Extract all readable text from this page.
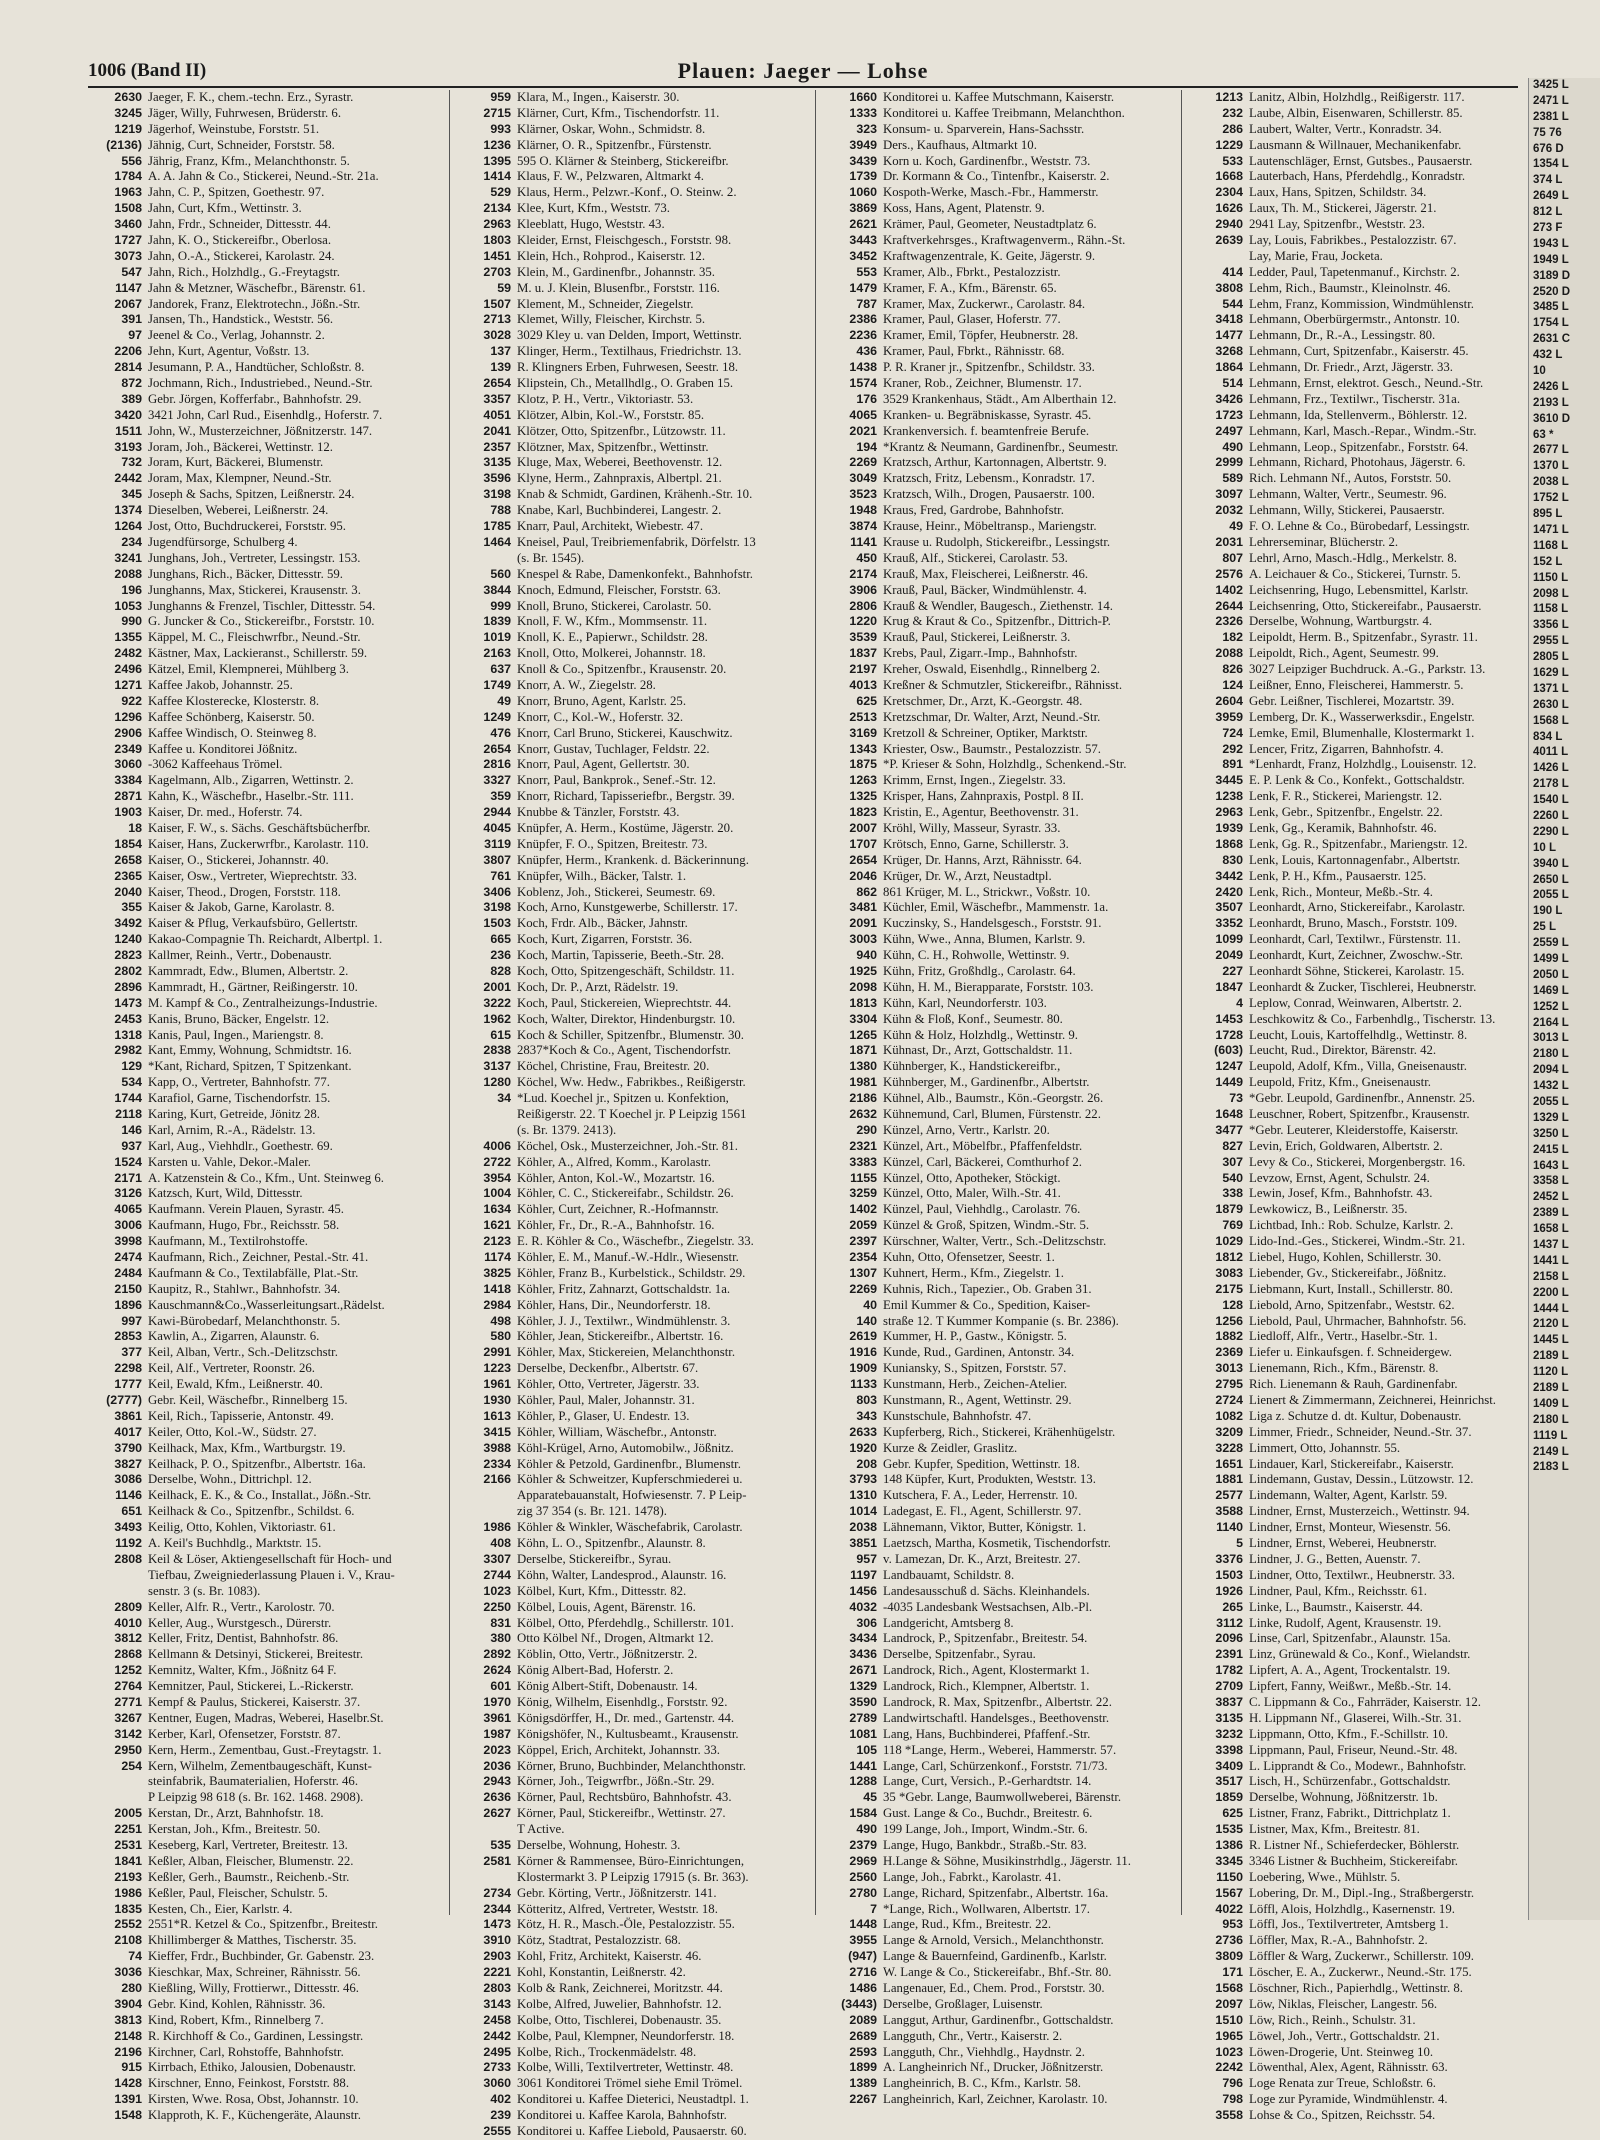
1006 (Band II)	Plauen: Jaeger — Lohse
2630 Jaeger, F. K., chem.-techn. Erz., Syrastr.
3245 Jäger, Willy, Fuhrwesen, Brüderstr. 6.
1219 Jägerhof, Weinstube, Forststr. 51.
(2136) Jähnig, Curt, Schneider, Forststr. 58.
556 Jährig, Franz, Kfm., Melanchthonstr. 5.
1784 A. A. Jahn & Co., Stickerei, Neund.-Str. 21a.
1963 Jahn, C. P., Spitzen, Goethestr. 97.
1508 Jahn, Curt, Kfm., Wettinstr. 3.
3460 Jahn, Frdr., Schneider, Dittesstr. 44.
1727 Jahn, K. O., Stickereifbr., Oberlosa.
3073 Jahn, O.-A., Stickerei, Karolastr. 24.
547 Jahn, Rich., Holzhdlg., G.-Freytagstr.
1147 Jahn & Metzner, Wäschefbr., Bärenstr. 61.
2067 Jandorek, Franz, Elektrotechn., Jößn.-Str.
391 Jansen, Th., Handstick., Weststr. 56.
97 Jeenel & Co., Verlag, Johannstr. 2.
2206 Jehn, Kurt, Agentur, Voßstr. 13.
2814 Jesumann, P. A., Handtücher, Schloßstr. 8.
872 Jochmann, Rich., Industriebed., Neund.-Str.
389 Gebr. Jörgen, Kofferfabr., Bahnhofstr. 29.
3420 3421 John, Carl Rud., Eisenhdlg., Hoferstr. 7.
1511 John, W., Musterzeichner, Jößnitzerstr. 147.
3193 Joram, Joh., Bäckerei, Wettinstr. 12.
732 Joram, Kurt, Bäckerei, Blumenstr.
2442 Joram, Max, Klempner, Neund.-Str.
345 Joseph & Sachs, Spitzen, Leißnerstr. 24.
1374 Dieselben, Weberei, Leißnerstr. 24.
1264 Jost, Otto, Buchdruckerei, Forststr. 95.
234 Jugendfürsorge, Schulberg 4.
3241 Junghans, Joh., Vertreter, Lessingstr. 153.
2088 Junghans, Rich., Bäcker, Dittesstr. 59.
196 Junghanns, Max, Stickerei, Krausenstr. 3.
1053 Junghanns & Frenzel, Tischler, Dittesstr. 54.
990 G. Juncker & Co., Stickereifbr., Forststr. 10.
1355 Käppel, M. C., Fleischwrfbr., Neund.-Str.
2482 Kästner, Max, Lackieranst., Schillerstr. 59.
2496 Kätzel, Emil, Klempnerei, Mühlberg 3.
1271 Kaffee Jakob, Johannstr. 25.
922 Kaffee Klosterecke, Klosterstr. 8.
1296 Kaffee Schönberg, Kaiserstr. 50.
2906 Kaffee Windisch, O. Steinweg 8.
2349 Kaffee u. Konditorei Jößnitz.
3060 -3062 Kaffeehaus Trömel.
3384 Kagelmann, Alb., Zigarren, Wettinstr. 2.
2871 Kahn, K., Wäschefbr., Haselbr.-Str. 111.
1903 Kaiser, Dr. med., Hoferstr. 74.
18 Kaiser, F. W., s. Sächs. Geschäftsbücherfbr.
1854 Kaiser, Hans, Zuckerwrfbr., Karolastr. 110.
2658 Kaiser, O., Stickerei, Johannstr. 40.
2365 Kaiser, Osw., Vertreter, Wieprechtstr. 33.
2040 Kaiser, Theod., Drogen, Forststr. 118.
355 Kaiser & Jakob, Garne, Karolastr. 8.
3492 Kaiser & Pflug, Verkaufsbüro, Gellertstr.
1240 Kakao-Compagnie Th. Reichardt, Albertpl. 1.
2823 Kallmer, Reinh., Vertr., Dobenaustr.
2802 Kammradt, Edw., Blumen, Albertstr. 2.
2896 Kammradt, H., Gärtner, Reißingerstr. 10.
1473 M. Kampf & Co., Zentralheizungs-Industrie.
2453 Kanis, Bruno, Bäcker, Engelstr. 12.
1318 Kanis, Paul, Ingen., Mariengstr. 8.
2982 Kant, Emmy, Wohnung, Schmidtstr. 16.
129 *Kant, Richard, Spitzen, T Spitzenkant.
534 Kapp, O., Vertreter, Bahnhofstr. 77.
1744 Karafiol, Garne, Tischendorfstr. 15.
2118 Karing, Kurt, Getreide, Jönitz 28.
146 Karl, Arnim, R.-A., Rädelstr. 13.
937 Karl, Aug., Viehhdlr., Goethestr. 69.
1524 Karsten u. Vahle, Dekor.-Maler.
2171 A. Katzenstein & Co., Kfm., Unt. Steinweg 6.
3126 Katzsch, Kurt, Wild, Dittesstr.
4065 Kaufmann. Verein Plauen, Syrastr. 45.
3006 Kaufmann, Hugo, Fbr., Reichsstr. 58.
3998 Kaufmann, M., Textilrohstoffe.
2474 Kaufmann, Rich., Zeichner, Pestal.-Str. 41.
2484 Kaufmann & Co., Textilabfälle, Plat.-Str.
2150 Kaupitz, R., Stahlwr., Bahnhofstr. 34.
1896 Kauschmann&Co.,Wasserleitungsart.,Rädelst.
997 Kawi-Bürobedarf, Melanchthonstr. 5.
2853 Kawlin, A., Zigarren, Alaunstr. 6.
377 Keil, Alban, Vertr., Sch.-Delitzschstr.
2298 Keil, Alf., Vertreter, Roonstr. 26.
1777 Keil, Ewald, Kfm., Leißnerstr. 40.
(2777) Gebr. Keil, Wäschefbr., Rinnelberg 15.
3861 Keil, Rich., Tapisserie, Antonstr. 49.
4017 Keiler, Otto, Kol.-W., Südstr. 27.
3790 Keilhack, Max, Kfm., Wartburgstr. 19.
3827 Keilhack, P. O., Spitzenfbr., Albertstr. 16a.
3086 Derselbe, Wohn., Dittrichpl. 12.
1146 Keilhack, E. K., & Co., Installat., Jößn.-Str.
651 Keilhack & Co., Spitzenfbr., Schildst. 6.
3493 Keilig, Otto, Kohlen, Viktoriastr. 61.
1192 A. Keil's Buchhdlg., Marktstr. 15.
2808 Keil & Löser, Aktiengesellschaft für Hoch- und
Tiefbau, Zweigniederlassung Plauen i. V., Krau-
senstr. 3 (s. Br. 1083).
2809 Keller, Alfr. R., Vertr., Karolostr. 70.
4010 Keller, Aug., Wurstgesch., Dürerstr.
3812 Keller, Fritz, Dentist, Bahnhofstr. 86.
2868 Kellmann & Detsinyi, Stickerei, Breitestr.
1252 Kemnitz, Walter, Kfm., Jößnitz 64 F.
2764 Kemnitzer, Paul, Stickerei, L.-Rickerstr.
2771 Kempf & Paulus, Stickerei, Kaiserstr. 37.
3267 Kentner, Eugen, Madras, Weberei, Haselbr.St.
3142 Kerber, Karl, Ofensetzer, Forststr. 87.
2950 Kern, Herm., Zementbau, Gust.-Freytagstr. 1.
254 Kern, Wilhelm, Zementbaugeschäft, Kunst-
steinfabrik, Baumaterialien, Hoferstr. 46.
P Leipzig 98 618 (s. Br. 162. 1468. 2908).
2005 Kerstan, Dr., Arzt, Bahnhofstr. 18.
2251 Kerstan, Joh., Kfm., Breitestr. 50.
2531 Keseberg, Karl, Vertreter, Breitestr. 13.
1841 Keßler, Alban, Fleischer, Blumenstr. 22.
2193 Keßler, Gerh., Baumstr., Reichenb.-Str.
1986 Keßler, Paul, Fleischer, Schulstr. 5.
1835 Kesten, Ch., Eier, Karlstr. 4.
2552 2551*R. Ketzel & Co., Spitzenfbr., Breitestr.
2108 Khillimberger & Matthes, Tischerstr. 35.
74 Kieffer, Frdr., Buchbinder, Gr. Gabenstr. 23.
3036 Kieschkar, Max, Schreiner, Rähnisstr. 56.
280 Kießling, Willy, Frottierwr., Dittesstr. 46.
3904 Gebr. Kind, Kohlen, Rähnisstr. 36.
3813 Kind, Robert, Kfm., Rinnelberg 7.
2148 R. Kirchhoff & Co., Gardinen, Lessingstr.
2196 Kirchner, Carl, Rohstoffe, Bahnhofstr.
915 Kirrbach, Ethiko, Jalousien, Dobenaustr.
1428 Kirschner, Enno, Feinkost, Forststr. 88.
1391 Kirsten, Wwe. Rosa, Obst, Johannstr. 10.
1548 Klapproth, K. F., Küchengeräte, Alaunstr.
959 Klara, M., Ingen., Kaiserstr. 30.
2715 Klärner, Curt, Kfm., Tischendorfstr. 11.
993 Klärner, Oskar, Wohn., Schmidstr. 8.
1236 Klärner, O. R., Spitzenfbr., Fürstenstr.
1395 595 O. Klärner & Steinberg, Stickereifbr.
1414 Klaus, F. W., Pelzwaren, Altmarkt 4.
529 Klaus, Herm., Pelzwr.-Konf., O. Steinw. 2.
2134 Klee, Kurt, Kfm., Weststr. 73.
2963 Kleeblatt, Hugo, Weststr. 43.
1803 Kleider, Ernst, Fleischgesch., Forststr. 98.
1451 Klein, Hch., Rohprod., Kaiserstr. 12.
2703 Klein, M., Gardinenfbr., Johannstr. 35.
59 M. u. J. Klein, Blusenfbr., Forststr. 116.
1507 Klement, M., Schneider, Ziegelstr.
2713 Klemet, Willy, Fleischer, Kirchstr. 5.
3028 3029 Kley u. van Delden, Import, Wettinstr.
137 Klinger, Herm., Textilhaus, Friedrichstr. 13.
139 R. Klingners Erben, Fuhrwesen, Seestr. 18.
2654 Klipstein, Ch., Metallhdlg., O. Graben 15.
3357 Klotz, P. H., Vertr., Viktoriastr. 53.
4051 Klötzer, Albin, Kol.-W., Forststr. 85.
2041 Klötzer, Otto, Spitzenfbr., Lützowstr. 11.
2357 Klötzner, Max, Spitzenfbr., Wettinstr.
3135 Kluge, Max, Weberei, Beethovenstr. 12.
3596 Klyne, Herm., Zahnpraxis, Albertpl. 21.
3198 Knab & Schmidt, Gardinen, Krähenh.-Str. 10.
788 Knabe, Karl, Buchbinderei, Langestr. 2.
1785 Knarr, Paul, Architekt, Wiebestr. 47.
1464 Kneisel, Paul, Treibriemenfabrik, Dörfelstr. 13
(s. Br. 1545).
560 Knespel & Rabe, Damenkonfekt., Bahnhofstr.
3844 Knoch, Edmund, Fleischer, Forststr. 63.
999 Knoll, Bruno, Stickerei, Carolastr. 50.
1839 Knoll, F. W., Kfm., Mommsenstr. 11.
1019 Knoll, K. E., Papierwr., Schildstr. 28.
2163 Knoll, Otto, Molkerei, Johannstr. 18.
637 Knoll & Co., Spitzenfbr., Krausenstr. 20.
1749 Knorr, A. W., Ziegelstr. 28.
49 Knorr, Bruno, Agent, Karlstr. 25.
1249 Knorr, C., Kol.-W., Hoferstr. 32.
476 Knorr, Carl Bruno, Stickerei, Kauschwitz.
2654 Knorr, Gustav, Tuchlager, Feldstr. 22.
2816 Knorr, Paul, Agent, Gellertstr. 30.
3327 Knorr, Paul, Bankprok., Senef.-Str. 12.
359 Knorr, Richard, Tapisseriefbr., Bergstr. 39.
2944 Knubbe & Tänzler, Forststr. 43.
4045 Knüpfer, A. Herm., Kostüme, Jägerstr. 20.
3119 Knüpfer, F. O., Spitzen, Breitestr. 73.
3807 Knüpfer, Herm., Krankenk. d. Bäckerinnung.
761 Knüpfer, Wilh., Bäcker, Talstr. 1.
3406 Koblenz, Joh., Stickerei, Seumestr. 69.
3198 Koch, Arno, Kunstgewerbe, Schillerstr. 17.
1503 Koch, Frdr. Alb., Bäcker, Jahnstr.
665 Koch, Kurt, Zigarren, Forststr. 36.
236 Koch, Martin, Tapisserie, Beeth.-Str. 28.
828 Koch, Otto, Spitzengeschäft, Schildstr. 11.
2001 Koch, Dr. P., Arzt, Rädelstr. 19.
3222 Koch, Paul, Stickereien, Wieprechtstr. 44.
1962 Koch, Walter, Direktor, Hindenburgstr. 10.
615 Koch & Schiller, Spitzenfbr., Blumenstr. 30.
2838 2837*Koch & Co., Agent, Tischendorfstr.
3137 Köchel, Christine, Frau, Breitestr. 20.
1280 Köchel, Ww. Hedw., Fabrikbes., Reißigerstr.
34 *Lud. Koechel jr., Spitzen u. Konfektion,
Reißigerstr. 22. T Koechel jr. P Leipzig 1561
(s. Br. 1379. 2413).
4006 Köchel, Osk., Musterzeichner, Joh.-Str. 81.
2722 Köhler, A., Alfred, Komm., Karolastr.
3954 Köhler, Anton, Kol.-W., Mozartstr. 16.
1004 Köhler, C. C., Stickereifabr., Schildstr. 26.
1634 Köhler, Curt, Zeichner, R.-Hofmannstr.
1621 Köhler, Fr., Dr., R.-A., Bahnhofstr. 16.
2123 E. R. Köhler & Co., Wäschefbr., Ziegelstr. 33.
1174 Köhler, E. M., Manuf.-W.-Hdlr., Wiesenstr.
3825 Köhler, Franz B., Kurbelstick., Schildstr. 29.
1418 Köhler, Fritz, Zahnarzt, Gottschaldstr. 1a.
2984 Köhler, Hans, Dir., Neundorferstr. 18.
498 Köhler, J. J., Textilwr., Windmühlenstr. 3.
580 Köhler, Jean, Stickereifbr., Albertstr. 16.
2991 Köhler, Max, Stickereien, Melanchthonstr.
1223 Derselbe, Deckenfbr., Albertstr. 67.
1961 Köhler, Otto, Vertreter, Jägerstr. 33.
1930 Köhler, Paul, Maler, Johannstr. 31.
1613 Köhler, P., Glaser, U. Endestr. 13.
3415 Köhler, William, Wäschefbr., Antonstr.
3988 Köhl-Krügel, Arno, Automobilw., Jößnitz.
2334 Köhler & Petzold, Gardinenfbr., Blumenstr.
2166 Köhler & Schweitzer, Kupferschmiederei u.
Apparatebauanstalt, Hofwiesenstr. 7. P Leip-
zig 37 354 (s. Br. 121. 1478).
1986 Köhler & Winkler, Wäschefabrik, Carolastr.
408 Köhn, L. O., Spitzenfbr., Alaunstr. 8.
3307 Derselbe, Stickereifbr., Syrau.
2744 Köhn, Walter, Landesprod., Alaunstr. 16.
1023 Kölbel, Kurt, Kfm., Dittesstr. 82.
2250 Kölbel, Louis, Agent, Bärenstr. 16.
831 Kölbel, Otto, Pferdehdlg., Schillerstr. 101.
380 Otto Kölbel Nf., Drogen, Altmarkt 12.
2892 Köblin, Otto, Vertr., Jößnitzerstr. 2.
2624 König Albert-Bad, Hoferstr. 2.
601 König Albert-Stift, Dobenaustr. 14.
1970 König, Wilhelm, Eisenhdlg., Forststr. 92.
3961 Königsdörffer, H., Dr. med., Gartenstr. 44.
1987 Königshöfer, N., Kultusbeamt., Krausenstr.
2023 Köppel, Erich, Architekt, Johannstr. 33.
2036 Körner, Bruno, Buchbinder, Melanchthonstr.
2943 Körner, Joh., Teigwrfbr., Jößn.-Str. 29.
2636 Körner, Paul, Rechtsbüro, Bahnhofstr. 43.
2627 Körner, Paul, Stickereifbr., Wettinstr. 27.
T Active.
535 Derselbe, Wohnung, Hohestr. 3.
2581 Körner & Rammensee, Büro-Einrichtungen,
Klostermarkt 3. P Leipzig 17915 (s. Br. 363).
2734 Gebr. Körting, Vertr., Jößnitzerstr. 141.
2344 Kötteritz, Alfred, Vertreter, Weststr. 18.
1473 Kötz, H. R., Masch.-Öle, Pestalozzistr. 55.
3910 Kötz, Stadtrat, Pestalozzistr. 68.
2903 Kohl, Fritz, Architekt, Kaiserstr. 46.
2221 Kohl, Konstantin, Leißnerstr. 42.
2803 Kolb & Rank, Zeichnerei, Moritzstr. 44.
3143 Kolbe, Alfred, Juwelier, Bahnhofstr. 12.
2458 Kolbe, Otto, Tischlerei, Dobenaustr. 35.
2442 Kolbe, Paul, Klempner, Neundorferstr. 18.
2495 Kolbe, Rich., Trockenmädelstr. 48.
2733 Kolbe, Willi, Textilvertreter, Wettinstr. 48.
3060 3061 Konditorei Trömel siehe Emil Trömel.
402 Konditorei u. Kaffee Dieterici, Neustadtpl. 1.
239 Konditorei u. Kaffee Karola, Bahnhofstr.
2555 Konditorei u. Kaffee Liebold, Pausaerstr. 60.
1660 Konditorei u. Kaffee Mutschmann, Kaiserstr.
1333 Konditorei u. Kaffee Treibmann, Melanchthon.
323 Konsum- u. Sparverein, Hans-Sachsstr.
3949 Ders., Kaufhaus, Altmarkt 10.
3439 Korn u. Koch, Gardinenfbr., Weststr. 73.
1739 Dr. Kormann & Co., Tintenfbr., Kaiserstr. 2.
1060 Kospoth-Werke, Masch.-Fbr., Hammerstr.
3869 Koss, Hans, Agent, Platenstr. 9.
2621 Krämer, Paul, Geometer, Neustadtplatz 6.
3443 Kraftverkehrsges., Kraftwagenverm., Rähn.-St.
3452 Kraftwagenzentrale, K. Geite, Jägerstr. 9.
553 Kramer, Alb., Fbrkt., Pestalozzistr.
1479 Kramer, F. A., Kfm., Bärenstr. 65.
787 Kramer, Max, Zuckerwr., Carolastr. 84.
2386 Kramer, Paul, Glaser, Hoferstr. 77.
2236 Kramer, Emil, Töpfer, Heubnerstr. 28.
436 Kramer, Paul, Fbrkt., Rähnisstr. 68.
1438 P. R. Kraner jr., Spitzenfbr., Schildstr. 33.
1574 Kraner, Rob., Zeichner, Blumenstr. 17.
176 3529 Krankenhaus, Städt., Am Alberthain 12.
4065 Kranken- u. Begräbniskasse, Syrastr. 45.
2021 Krankenversich. f. beamtenfreie Berufe.
194 *Krantz & Neumann, Gardinenfbr., Seumestr.
2269 Kratzsch, Arthur, Kartonnagen, Albertstr. 9.
3049 Kratzsch, Fritz, Lebensm., Konradstr. 17.
3523 Kratzsch, Wilh., Drogen, Pausaerstr. 100.
1948 Kraus, Fred, Gardrobe, Bahnhofstr.
3874 Krause, Heinr., Möbeltransp., Mariengstr.
1141 Krause u. Rudolph, Stickereifbr., Lessingstr.
450 Krauß, Alf., Stickerei, Carolastr. 53.
2174 Krauß, Max, Fleischerei, Leißnerstr. 46.
3906 Krauß, Paul, Bäcker, Windmühlenstr. 4.
2806 Krauß & Wendler, Baugesch., Ziethenstr. 14.
1220 Krug & Kraut & Co., Spitzenfbr., Dittrich-P.
3539 Krauß, Paul, Stickerei, Leißnerstr. 3.
1837 Krebs, Paul, Zigarr.-Imp., Bahnhofstr.
2197 Kreher, Oswald, Eisenhdlg., Rinnelberg 2.
4013 Kreßner & Schmutzler, Stickereifbr., Rähnisst.
625 Kretschmer, Dr., Arzt, K.-Georgstr. 48.
2513 Kretzschmar, Dr. Walter, Arzt, Neund.-Str.
3169 Kretzoll & Schreiner, Optiker, Marktstr.
1343 Kriester, Osw., Baumstr., Pestalozzistr. 57.
1875 *P. Krieser & Sohn, Holzhdlg., Schenkend.-Str.
1263 Krimm, Ernst, Ingen., Ziegelstr. 33.
1325 Krisper, Hans, Zahnpraxis, Postpl. 8 II.
1823 Kristin, E., Agentur, Beethovenstr. 31.
2007 Kröhl, Willy, Masseur, Syrastr. 33.
1707 Krötsch, Enno, Garne, Schillerstr. 3.
2654 Krüger, Dr. Hanns, Arzt, Rähnisstr. 64.
2046 Krüger, Dr. W., Arzt, Neustadtpl.
862 861 Krüger, M. L., Strickwr., Voßstr. 10.
3481 Küchler, Emil, Wäschefbr., Mammenstr. 1a.
2091 Kuczinsky, S., Handelsgesch., Forststr. 91.
3003 Kühn, Wwe., Anna, Blumen, Karlstr. 9.
940 Kühn, C. H., Rohwolle, Wettinstr. 9.
1925 Kühn, Fritz, Großhdlg., Carolastr. 64.
2098 Kühn, H. M., Bierapparate, Forststr. 103.
1813 Kühn, Karl, Neundorferstr. 103.
3304 Kühn & Floß, Konf., Seumestr. 80.
1265 Kühn & Holz, Holzhdlg., Wettinstr. 9.
1871 Kühnast, Dr., Arzt, Gottschaldstr. 11.
1380 Kühnberger, K., Handstickereifbr.,
1981 Kühnberger, M., Gardinenfbr., Albertstr.
2186 Kühnel, Alb., Baumstr., Kön.-Georgstr. 26.
2632 Kühnemund, Carl, Blumen, Fürstenstr. 22.
290 Künzel, Arno, Vertr., Karlstr. 20.
2321 Künzel, Art., Möbelfbr., Pfaffenfeldstr.
3383 Künzel, Carl, Bäckerei, Comthurhof 2.
1155 Künzel, Otto, Apotheker, Stöckigt.
3259 Künzel, Otto, Maler, Wilh.-Str. 41.
1402 Künzel, Paul, Viehhdlg., Carolastr. 76.
2059 Künzel & Groß, Spitzen, Windm.-Str. 5.
2397 Kürschner, Walter, Vertr., Sch.-Delitzschstr.
2354 Kuhn, Otto, Ofensetzer, Seestr. 1.
1307 Kuhnert, Herm., Kfm., Ziegelstr. 1.
2269 Kuhnis, Rich., Tapezier., Ob. Graben 31.
40 Emil Kummer & Co., Spedition, Kaiser-
140 straße 12. T Kummer Kompanie (s. Br. 2386).
2619 Kummer, H. P., Gastw., Königstr. 5.
1916 Kunde, Rud., Gardinen, Antonstr. 34.
1909 Kuniansky, S., Spitzen, Forststr. 57.
1133 Kunstmann, Herb., Zeichen-Atelier.
803 Kunstmann, R., Agent, Wettinstr. 29.
343 Kunstschule, Bahnhofstr. 47.
2633 Kupferberg, Rich., Stickerei, Krähenhügelstr.
1920 Kurze & Zeidler, Graslitz.
208 Gebr. Kupfer, Spedition, Wettinstr. 18.
3793 148 Küpfer, Kurt, Produkten, Weststr. 13.
1310 Kutschera, F. A., Leder, Herrenstr. 10.
1014 Ladegast, E. Fl., Agent, Schillerstr. 97.
2038 Lähnemann, Viktor, Butter, Königstr. 1.
3851 Laetzsch, Martha, Kosmetik, Tischendorfstr.
957 v. Lamezan, Dr. K., Arzt, Breitestr. 27.
1197 Landbauamt, Schildstr. 8.
1456 Landesausschuß d. Sächs. Kleinhandels.
4032 -4035 Landesbank Westsachsen, Alb.-Pl.
306 Landgericht, Amtsberg 8.
3434 Landrock, P., Spitzenfabr., Breitestr. 54.
3436 Derselbe, Spitzenfabr., Syrau.
2671 Landrock, Rich., Agent, Klostermarkt 1.
1329 Landrock, Rich., Klempner, Albertstr. 1.
3590 Landrock, R. Max, Spitzenfbr., Albertstr. 22.
2789 Landwirtschaftl. Handelsges., Beethovenstr.
1081 Lang, Hans, Buchbinderei, Pfaffenf.-Str.
105 118 *Lange, Herm., Weberei, Hammerstr. 57.
1441 Lange, Carl, Schürzenkonf., Forststr. 71/73.
1288 Lange, Curt, Versich., P.-Gerhardtstr. 14.
45 35 *Gebr. Lange, Baumwollweberei, Bärenstr.
1584 Gust. Lange & Co., Buchdr., Breitestr. 6.
490 199 Lange, Joh., Import, Windm.-Str. 6.
2379 Lange, Hugo, Bankbdr., Straßb.-Str. 83.
2969 H.Lange & Söhne, Musikinstrhdlg., Jägerstr. 11.
2560 Lange, Joh., Fabrkt., Karolastr. 41.
2780 Lange, Richard, Spitzenfabr., Albertstr. 16a.
7 *Lange, Rich., Wollwaren, Albertstr. 17.
1448 Lange, Rud., Kfm., Breitestr. 22.
3955 Lange & Arnold, Versich., Melanchthonstr.
(947) Lange & Bauernfeind, Gardinenfb., Karlstr.
2716 W. Lange & Co., Stickereifabr., Bhf.-Str. 80.
1486 Langenauer, Ed., Chem. Prod., Forststr. 30.
(3443) Derselbe, Großlager, Luisenstr.
2089 Langgut, Arthur, Gardinenfbr., Gottschaldstr.
2689 Langguth, Chr., Vertr., Kaiserstr. 2.
2593 Langguth, Chr., Viehhdlg., Haydnstr. 2.
1899 A. Langheinrich Nf., Drucker, Jößnitzerstr.
1389 Langheinrich, B. C., Kfm., Karlstr. 58.
2267 Langheinrich, Karl, Zeichner, Karolastr. 10.
1213 Lanitz, Albin, Holzhdlg., Reißigerstr. 117.
232 Laube, Albin, Eisenwaren, Schillerstr. 85.
286 Laubert, Walter, Vertr., Konradstr. 34.
1229 Lausmann & Willnauer, Mechanikenfabr.
533 Lautenschläger, Ernst, Gutsbes., Pausaerstr.
1668 Lauterbach, Hans, Pferdehdlg., Konradstr.
2304 Laux, Hans, Spitzen, Schildstr. 34.
1626 Laux, Th. M., Stickerei, Jägerstr. 21.
2940 2941 Lay, Spitzenfbr., Weststr. 23.
2639 Lay, Louis, Fabrikbes., Pestalozzistr. 67.
Lay, Marie, Frau, Jocketa.
414 Ledder, Paul, Tapetenmanuf., Kirchstr. 2.
3808 Lehm, Rich., Baumstr., Kleinolnstr. 46.
544 Lehm, Franz, Kommission, Windmühlenstr.
3418 Lehmann, Oberbürgermstr., Antonstr. 10.
1477 Lehmann, Dr., R.-A., Lessingstr. 80.
3268 Lehmann, Curt, Spitzenfabr., Kaiserstr. 45.
1864 Lehmann, Dr. Friedr., Arzt, Jägerstr. 33.
514 Lehmann, Ernst, elektrot. Gesch., Neund.-Str.
3426 Lehmann, Frz., Textilwr., Tischerstr. 31a.
1723 Lehmann, Ida, Stellenverm., Böhlerstr. 12.
2497 Lehmann, Karl, Masch.-Repar., Windm.-Str.
490 Lehmann, Leop., Spitzenfabr., Forststr. 64.
2999 Lehmann, Richard, Photohaus, Jägerstr. 6.
589 Rich. Lehmann Nf., Autos, Forststr. 50.
3097 Lehmann, Walter, Vertr., Seumestr. 96.
2032 Lehmann, Willy, Stickerei, Pausaerstr.
49 F. O. Lehne & Co., Bürobedarf, Lessingstr.
2031 Lehrerseminar, Blücherstr. 2.
807 Lehrl, Arno, Masch.-Hdlg., Merkelstr. 8.
2576 A. Leichauer & Co., Stickerei, Turnstr. 5.
1402 Leichsenring, Hugo, Lebensmittel, Karlstr.
2644 Leichsenring, Otto, Stickereifabr., Pausaerstr.
2326 Derselbe, Wohnung, Wartburgstr. 4.
182 Leipoldt, Herm. B., Spitzenfabr., Syrastr. 11.
2088 Leipoldt, Rich., Agent, Seumestr. 99.
826 3027 Leipziger Buchdruck. A.-G., Parkstr. 13.
124 Leißner, Enno, Fleischerei, Hammerstr. 5.
2604 Gebr. Leißner, Tischlerei, Mozartstr. 39.
3959 Lemberg, Dr. K., Wasserwerksdir., Engelstr.
724 Lemke, Emil, Blumenhalle, Klostermarkt 1.
292 Lencer, Fritz, Zigarren, Bahnhofstr. 4.
891 *Lenhardt, Franz, Holzhdlg., Louisenstr. 12.
3445 E. P. Lenk & Co., Konfekt., Gottschaldstr.
1238 Lenk, F. R., Stickerei, Mariengstr. 12.
2963 Lenk, Gebr., Spitzenfbr., Engelstr. 22.
1939 Lenk, Gg., Keramik, Bahnhofstr. 46.
1868 Lenk, Gg. R., Spitzenfabr., Mariengstr. 12.
830 Lenk, Louis, Kartonnagenfabr., Albertstr.
3442 Lenk, P. H., Kfm., Pausaerstr. 125.
2420 Lenk, Rich., Monteur, Meßb.-Str. 4.
3507 Leonhardt, Arno, Stickereifabr., Karolastr.
3352 Leonhardt, Bruno, Masch., Forststr. 109.
1099 Leonhardt, Carl, Textilwr., Fürstenstr. 11.
2049 Leonhardt, Kurt, Zeichner, Zwoschw.-Str.
227 Leonhardt Söhne, Stickerei, Karolastr. 15.
1847 Leonhardt & Zucker, Tischlerei, Heubnerstr.
4 Leplow, Conrad, Weinwaren, Albertstr. 2.
1453 Leschkowitz & Co., Farbenhdlg., Tischerstr. 13.
1728 Leucht, Louis, Kartoffelhdlg., Wettinstr. 8.
(603) Leucht, Rud., Direktor, Bärenstr. 42.
1247 Leupold, Adolf, Kfm., Villa, Gneisenaustr.
1449 Leupold, Fritz, Kfm., Gneisenaustr.
73 *Gebr. Leupold, Gardinenfbr., Annenstr. 25.
1648 Leuschner, Robert, Spitzenfbr., Krausenstr.
3477 *Gebr. Leuterer, Kleiderstoffe, Kaiserstr.
827 Levin, Erich, Goldwaren, Albertstr. 2.
307 Levy & Co., Stickerei, Morgenbergstr. 16.
540 Levzow, Ernst, Agent, Schulstr. 24.
338 Lewin, Josef, Kfm., Bahnhofstr. 43.
1879 Lewkowicz, B., Leißnerstr. 35.
769 Lichtbad, Inh.: Rob. Schulze, Karlstr. 2.
1029 Lido-Ind.-Ges., Stickerei, Windm.-Str. 21.
1812 Liebel, Hugo, Kohlen, Schillerstr. 30.
3083 Liebender, Gv., Stickereifabr., Jößnitz.
2175 Liebmann, Kurt, Install., Schillerstr. 80.
128 Liebold, Arno, Spitzenfabr., Weststr. 62.
1256 Liebold, Paul, Uhrmacher, Bahnhofstr. 56.
1882 Liedloff, Alfr., Vertr., Haselbr.-Str. 1.
2369 Liefer u. Einkaufsgen. f. Schneidergew.
3013 Lienemann, Rich., Kfm., Bärenstr. 8.
2795 Rich. Lienemann & Rauh, Gardinenfabr.
2724 Lienert & Zimmermann, Zeichnerei, Heinrichst.
1082 Liga z. Schutze d. dt. Kultur, Dobenaustr.
3209 Limmer, Friedr., Schneider, Neund.-Str. 37.
3228 Limmert, Otto, Johannstr. 55.
1651 Lindauer, Karl, Stickereifabr., Kaiserstr.
1881 Lindemann, Gustav, Dessin., Lützowstr. 12.
2577 Lindemann, Walter, Agent, Karlstr. 59.
3588 Lindner, Ernst, Musterzeich., Wettinstr. 94.
1140 Lindner, Ernst, Monteur, Wiesenstr. 56.
5 Lindner, Ernst, Weberei, Heubnerstr.
3376 Lindner, J. G., Betten, Auenstr. 7.
1503 Lindner, Otto, Textilwr., Heubnerstr. 33.
1926 Lindner, Paul, Kfm., Reichsstr. 61.
265 Linke, L., Baumstr., Kaiserstr. 44.
3112 Linke, Rudolf, Agent, Krausenstr. 19.
2096 Linse, Carl, Spitzenfabr., Alaunstr. 15a.
2391 Linz, Grünewald & Co., Konf., Wielandstr.
1782 Lipfert, A. A., Agent, Trockentalstr. 19.
2709 Lipfert, Fanny, Weißwr., Meßb.-Str. 14.
3837 C. Lippmann & Co., Fahrräder, Kaiserstr. 12.
3135 H. Lippmann Nf., Glaserei, Wilh.-Str. 31.
3232 Lippmann, Otto, Kfm., F.-Schillstr. 10.
3398 Lippmann, Paul, Friseur, Neund.-Str. 48.
3409 L. Lipprandt & Co., Modewr., Bahnhofstr.
3517 Lisch, H., Schürzenfabr., Gottschaldstr.
1859 Derselbe, Wohnung, Jößnitzerstr. 1b.
625 Listner, Franz, Fabrikt., Dittrichplatz 1.
1535 Listner, Max, Kfm., Breitestr. 81.
1386 R. Listner Nf., Schieferdecker, Böhlerstr.
3345 3346 Listner & Buchheim, Stickereifabr.
1150 Loebering, Wwe., Mühlstr. 5.
1567 Lobering, Dr. M., Dipl.-Ing., Straßbergerstr.
4022 Löffl, Alois, Holzhdlg., Kasernenstr. 19.
953 Löffl, Jos., Textilvertreter, Amtsberg 1.
2736 Löffler, Max, R.-A., Bahnhofstr. 2.
3809 Löffler & Warg, Zuckerwr., Schillerstr. 109.
171 Löscher, E. A., Zuckerwr., Neund.-Str. 175.
1568 Löschner, Rich., Papierhdlg., Wettinstr. 8.
2097 Löw, Niklas, Fleischer, Langestr. 56.
1510 Löw, Rich., Reinh., Schulstr. 31.
1965 Löwel, Joh., Vertr., Gottschaldstr. 21.
1023 Löwen-Drogerie, Unt. Steinweg 10.
2242 Löwenthal, Alex, Agent, Rähnisstr. 63.
796 Loge Renata zur Treue, Schloßstr. 6.
798 Loge zur Pyramide, Windmühlenstr. 4.
3558 Lohse & Co., Spitzen, Reichsstr. 54.
3425 L
2471 L
2381 L
75 76
676 D
1354 L
374 L
2649 L
812 L
273 F
1943 L
1949 L
3189 D
2520 D
3485 L
1754 L
2631 C
432 L
10
2426 L
2193 L
3610 D
63 *
2677 L
1370 L
2038 L
1752 L
895 L
1471 L
1168 L
152 L
1150 L
2098 L
1158 L
3356 L
2955 L
2805 L
1629 L
1371 L
2630 L
1568 L
834 L
4011 L
1426 L
2178 L
1540 L
2260 L
2290 L
10 L
3940 L
2650 L
2055 L
190 L
25 L
2559 L
1499 L
2050 L
1469 L
1252 L
2164 L
3013 L
2180 L
2094 L
1432 L
2055 L
1329 L
3250 L
2415 L
1643 L
3358 L
2452 L
2389 L
1658 L
1437 L
1441 L
2158 L
2200 L
1444 L
2120 L
1445 L
2189 L
1120 L
2189 L
1409 L
2180 L
1119 L
2149 L
2183 L
